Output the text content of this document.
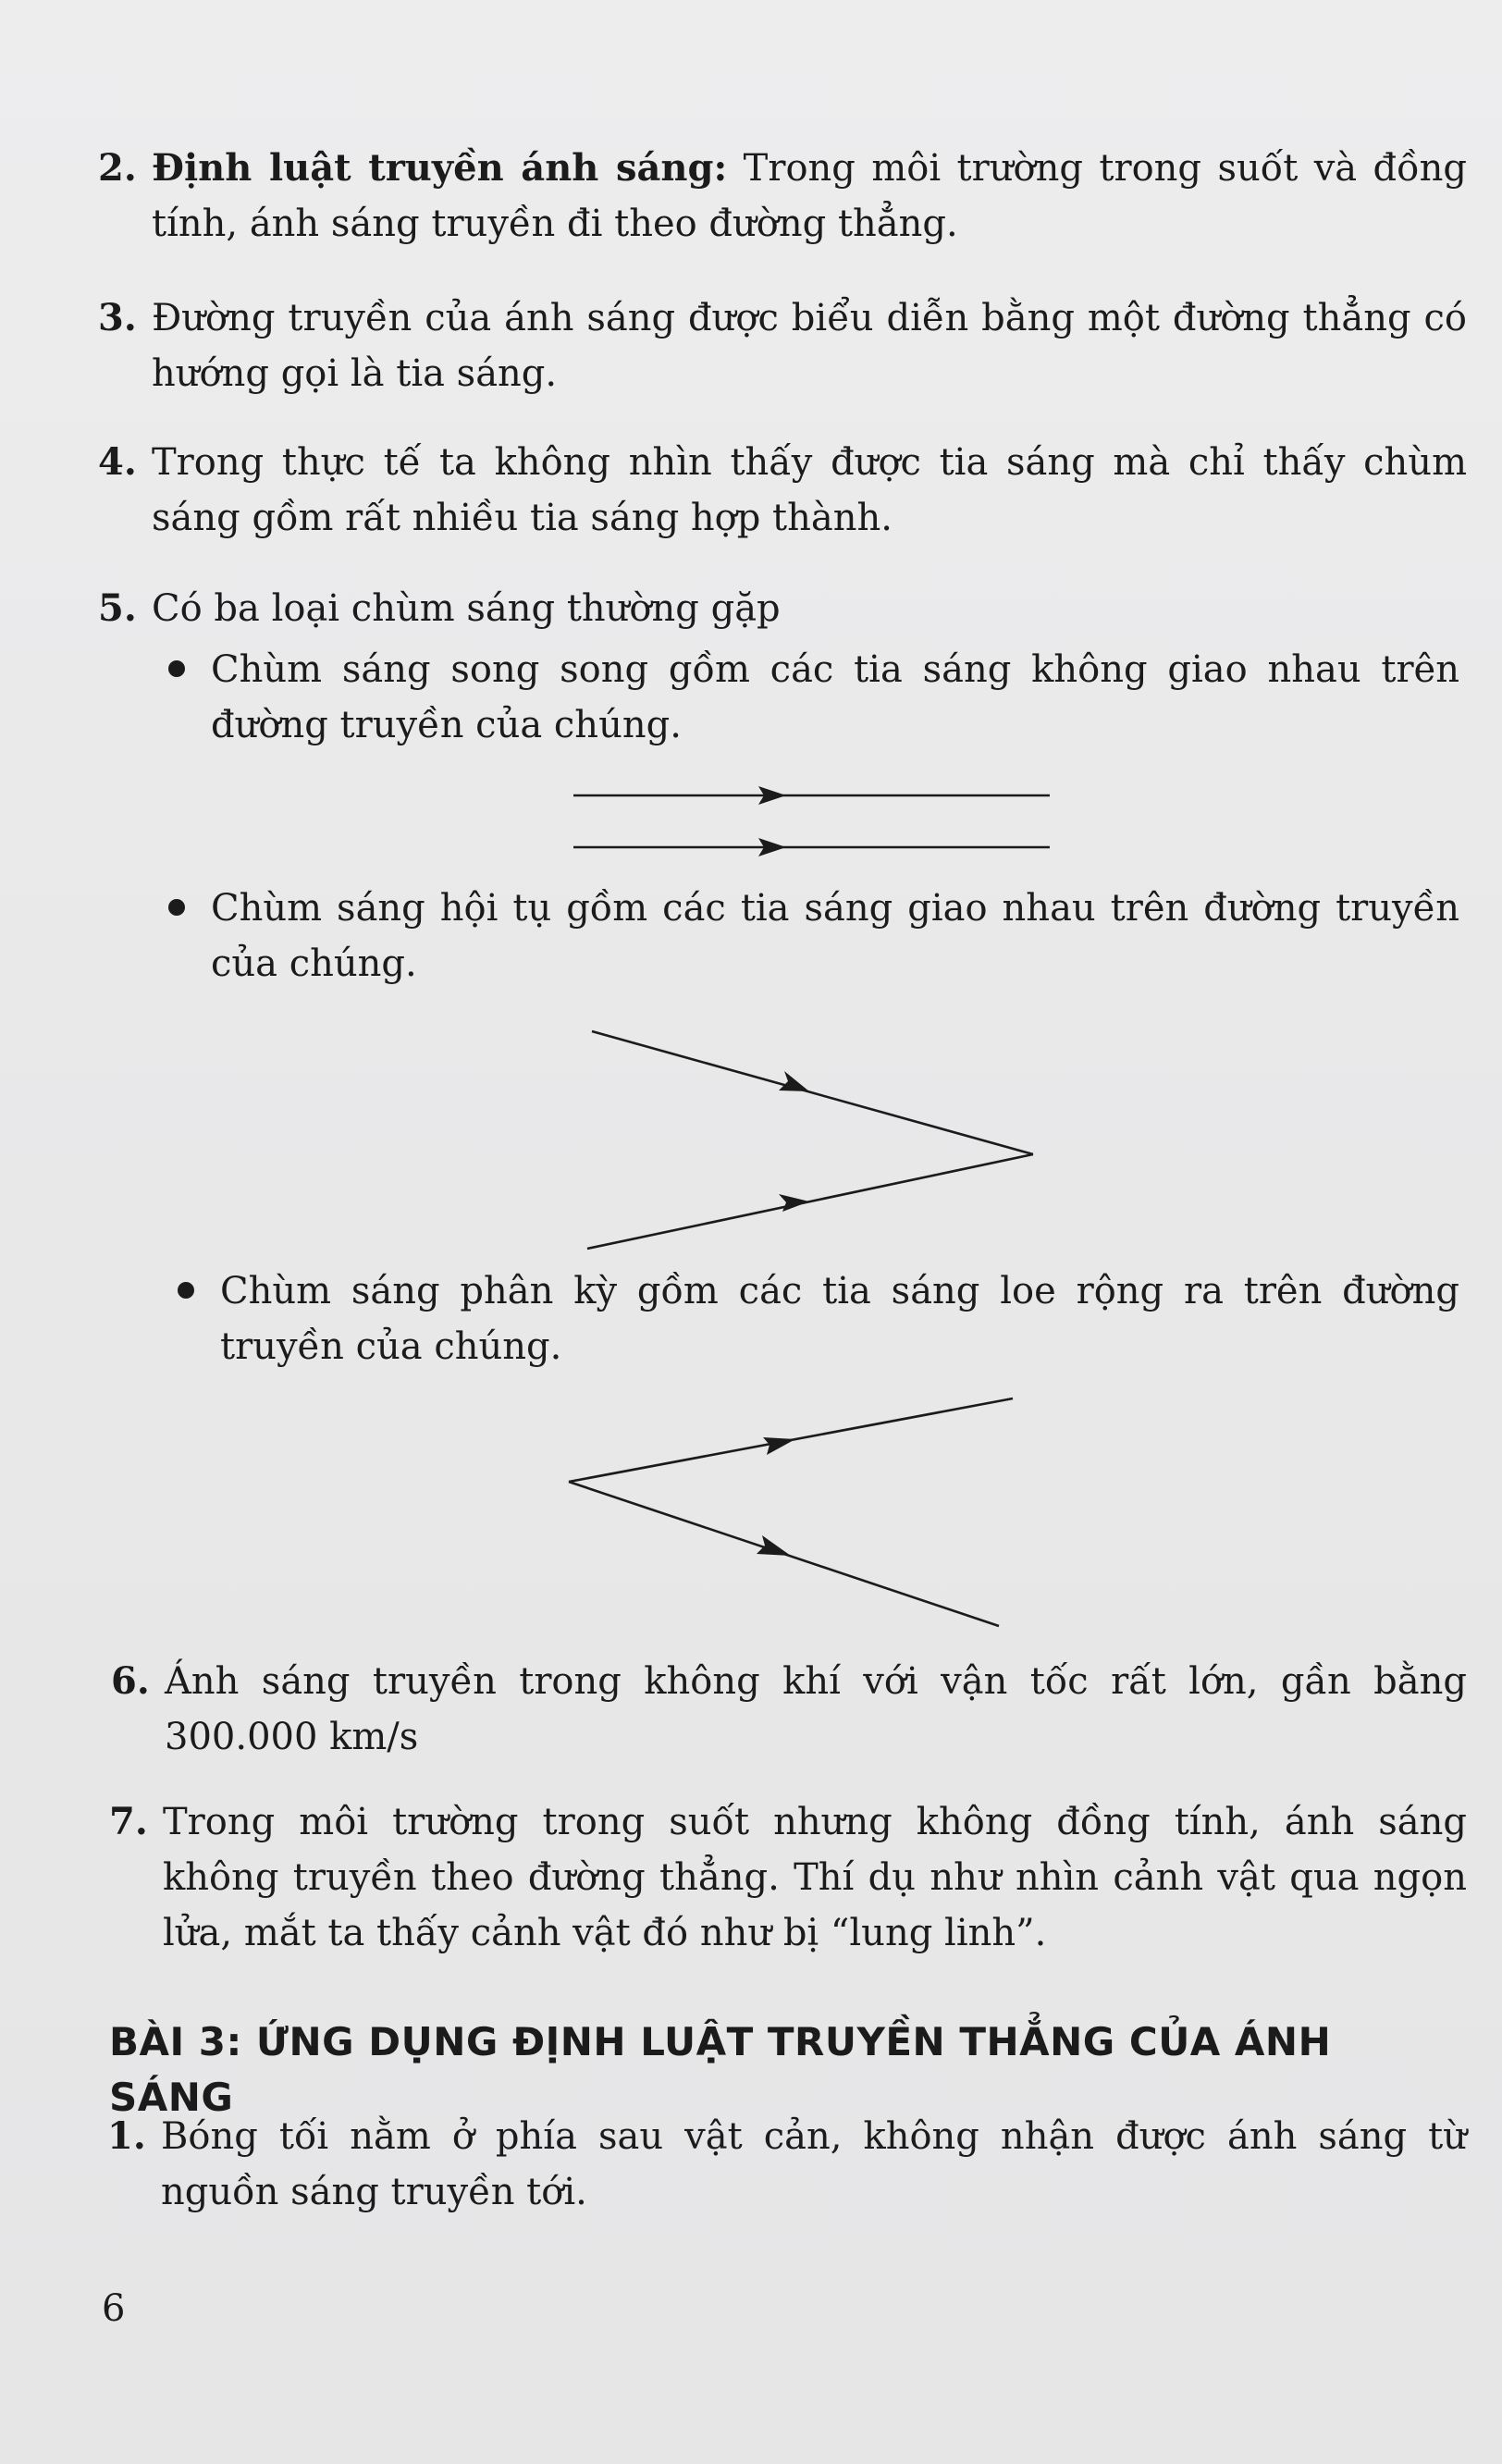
2. Định luật truyền ánh sáng: Trong môi trường trong suốt và đồng tính, ánh sáng truyền đi theo đường thẳng.
3. Đường truyền của ánh sáng được biểu diễn bằng một đường thẳng có hướng gọi là tia sáng.
4. Trong thực tế ta không nhìn thấy được tia sáng mà chỉ thấy chùm sáng gồm rất nhiều tia sáng hợp thành.
5. Có ba loại chùm sáng thường gặp
Chùm sáng song song gồm các tia sáng không giao nhau trên đường truyền của chúng.
Chùm sáng hội tụ gồm các tia sáng giao nhau trên đường truyền của chúng.
Chùm sáng phân kỳ gồm các tia sáng loe rộng ra trên đường truyền của chúng.
6. Ánh sáng truyền trong không khí với vận tốc rất lớn, gần bằng 300.000 km/s
7. Trong môi trường trong suốt nhưng không đồng tính, ánh sáng không truyền theo đường thẳng. Thí dụ như nhìn cảnh vật qua ngọn lửa, mắt ta thấy cảnh vật đó như bị “lung linh”.
BÀI 3: ỨNG DỤNG ĐỊNH LUẬT TRUYỀN THẲNG CỦA ÁNH SÁNG
1. Bóng tối nằm ở phía sau vật cản, không nhận được ánh sáng từ nguồn sáng truyền tới.
6
